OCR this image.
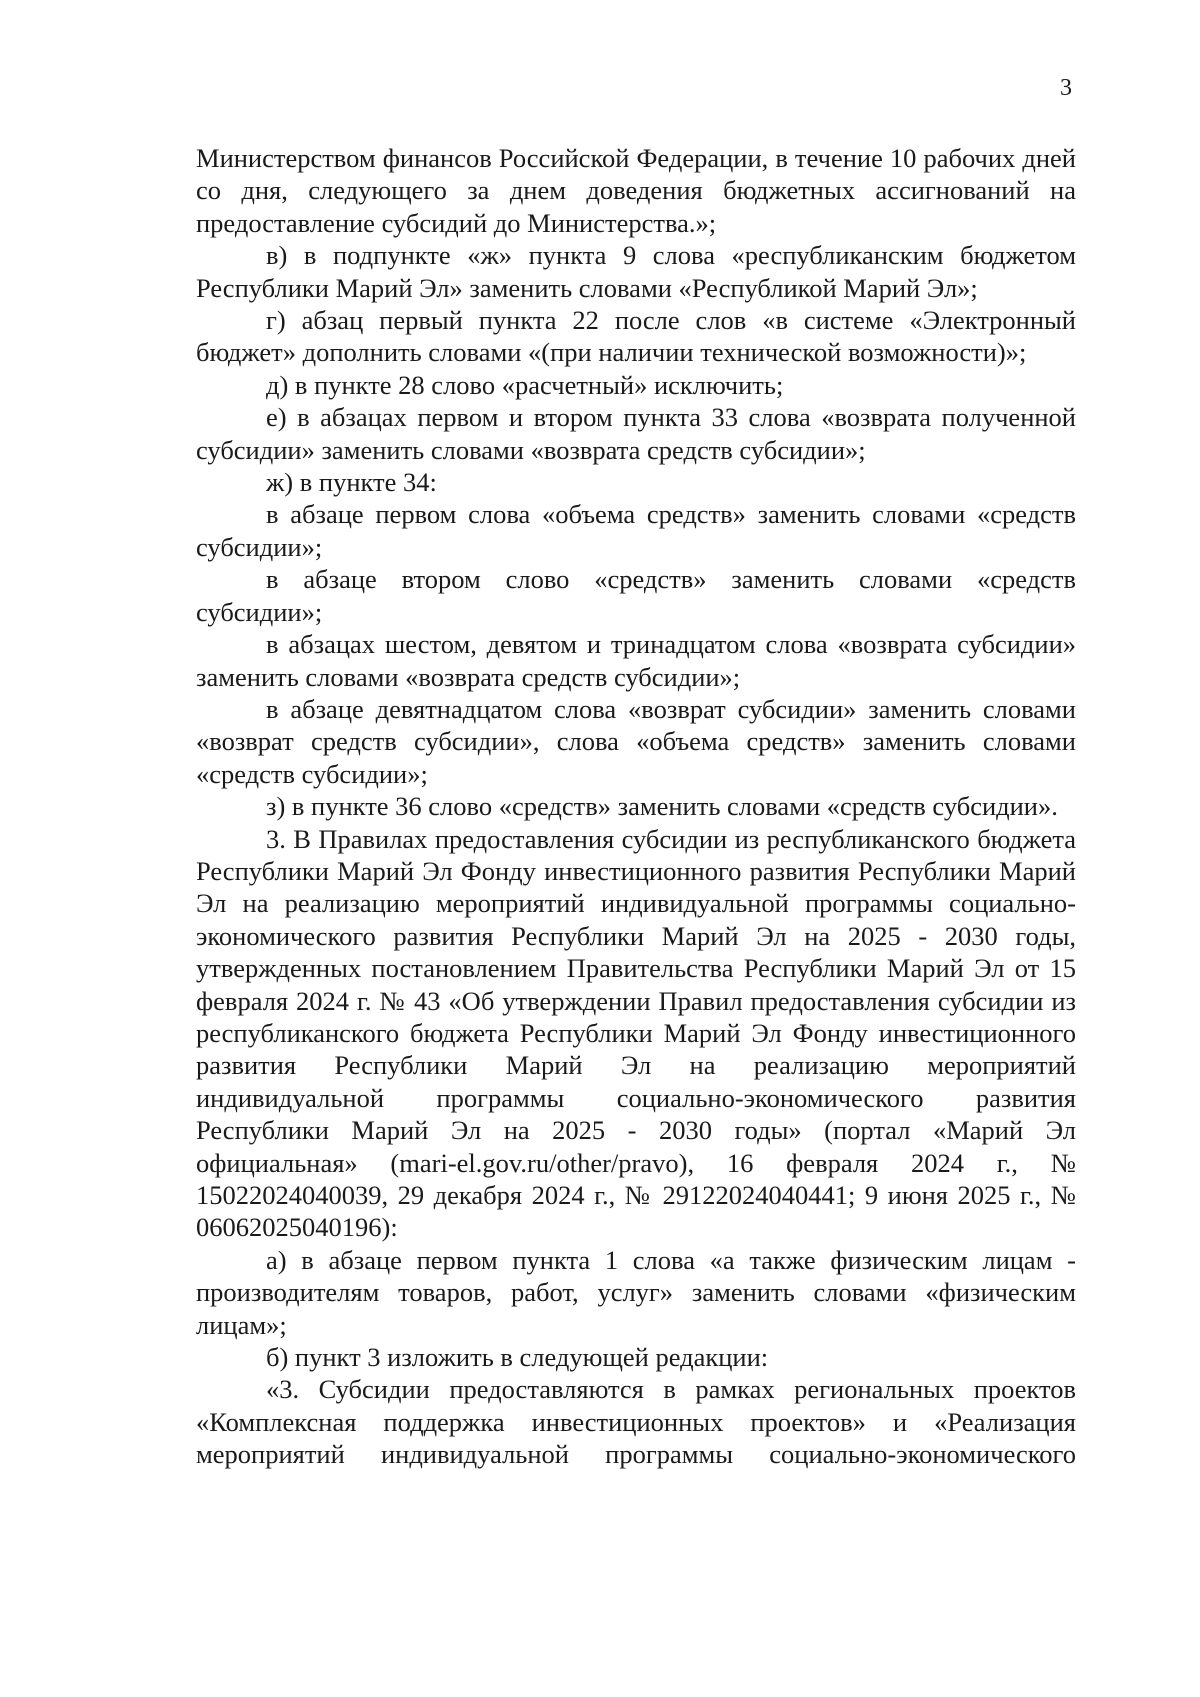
3

Министерством финансов Российской Федерации, в течение 10 рабочих дней со дня, следующего за днем доведения бюджетных ассигнований на предоставление субсидий до Министерства.»;

в) в подпункте «ж» пункта 9 слова «республиканским бюджетом Республики Марий Эл» заменить словами «Республикой Марий Эл»;

г) абзац первый пункта 22 после слов «в системе «Электронный бюджет» дополнить словами «(при наличии технической возможности)»;

д) в пункте 28 слово «расчетный» исключить;

е) в абзацах первом и втором пункта 33 слова «возврата полученной субсидии» заменить словами «возврата средств субсидии»;

ж) в пункте 34:

в абзаце первом слова «объема средств» заменить словами «средств субсидии»;

в абзаце втором слово «средств» заменить словами «средств субсидии»;

в абзацах шестом, девятом и тринадцатом слова «возврата субсидии» заменить словами «возврата средств субсидии»;

в абзаце девятнадцатом слова «возврат субсидии» заменить словами «возврат средств субсидии», слова «объема средств» заменить словами «средств субсидии»;

з) в пункте 36 слово «средств» заменить словами «средств субсидии».

3. В Правилах предоставления субсидии из республиканского бюджета Республики Марий Эл Фонду инвестиционного развития Республики Марий Эл на реализацию мероприятий индивидуальной программы социально-экономического развития Республики Марий Эл на 2025 - 2030 годы, утвержденных постановлением Правительства Республики Марий Эл от 15 февраля 2024 г. № 43 «Об утверждении Правил предоставления субсидии из республиканского бюджета Республики Марий Эл Фонду инвестиционного развития Республики Марий Эл на реализацию мероприятий индивидуальной программы социально-экономического развития Республики Марий Эл на 2025 - 2030 годы» (портал «Марий Эл официальная» (mari-el.gov.ru/other/pravo), 16 февраля 2024 г., № 15022024040039, 29 декабря 2024 г., № 29122024040441; 9 июня 2025 г., № 06062025040196):

а) в абзаце первом пункта 1 слова «а также физическим лицам - производителям товаров, работ, услуг» заменить словами «физическим лицам»;

б) пункт 3 изложить в следующей редакции:

«3. Субсидии предоставляются в рамках региональных проектов «Комплексная поддержка инвестиционных проектов» и «Реализация мероприятий индивидуальной программы социально-экономического
